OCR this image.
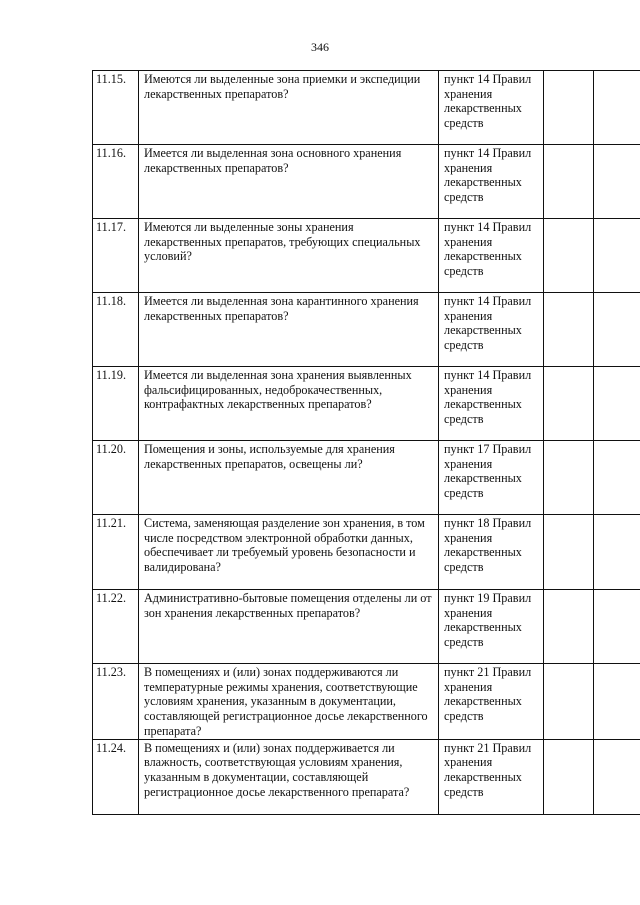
346
11.15.	Имеются ли выделенные зона приемки и экспедиции лекарственных препаратов?	пункт 14 Правил хранения лекарственных средств		
11.16.	Имеется ли выделенная зона основного хранения лекарственных препаратов?	пункт 14 Правил хранения лекарственных средств		
11.17.	Имеются ли выделенные зоны хранения лекарственных препаратов, требующих специальных условий?	пункт 14 Правил хранения лекарственных средств		
11.18.	Имеется ли выделенная зона карантинного хранения лекарственных препаратов?	пункт 14 Правил хранения лекарственных средств		
11.19.	Имеется ли выделенная зона хранения выявленных фальсифицированных, недоброкачественных, контрафактных лекарственных препаратов?	пункт 14 Правил хранения лекарственных средств		
11.20.	Помещения и зоны, используемые для хранения лекарственных препаратов, освещены ли?	пункт 17 Правил хранения лекарственных средств		
11.21.	Система, заменяющая разделение зон хранения, в том числе посредством электронной обработки данных, обеспечивает ли требуемый уровень безопасности и валидирована?	пункт 18 Правил хранения лекарственных средств		
11.22.	Административно-бытовые помещения отделены ли от зон хранения лекарственных препаратов?	пункт 19 Правил хранения лекарственных средств		
11.23.	В помещениях и (или) зонах поддерживаются ли температурные режимы хранения, соответствующие условиям хранения, указанным в документации, составляющей регистрационное досье лекарственного препарата?	пункт 21 Правил хранения лекарственных средств		
11.24.	В помещениях и (или) зонах поддерживается ли влажность, соответствующая условиям хранения, указанным в документации, составляющей регистрационное досье лекарственного препарата?	пункт 21 Правил хранения лекарственных средств		
